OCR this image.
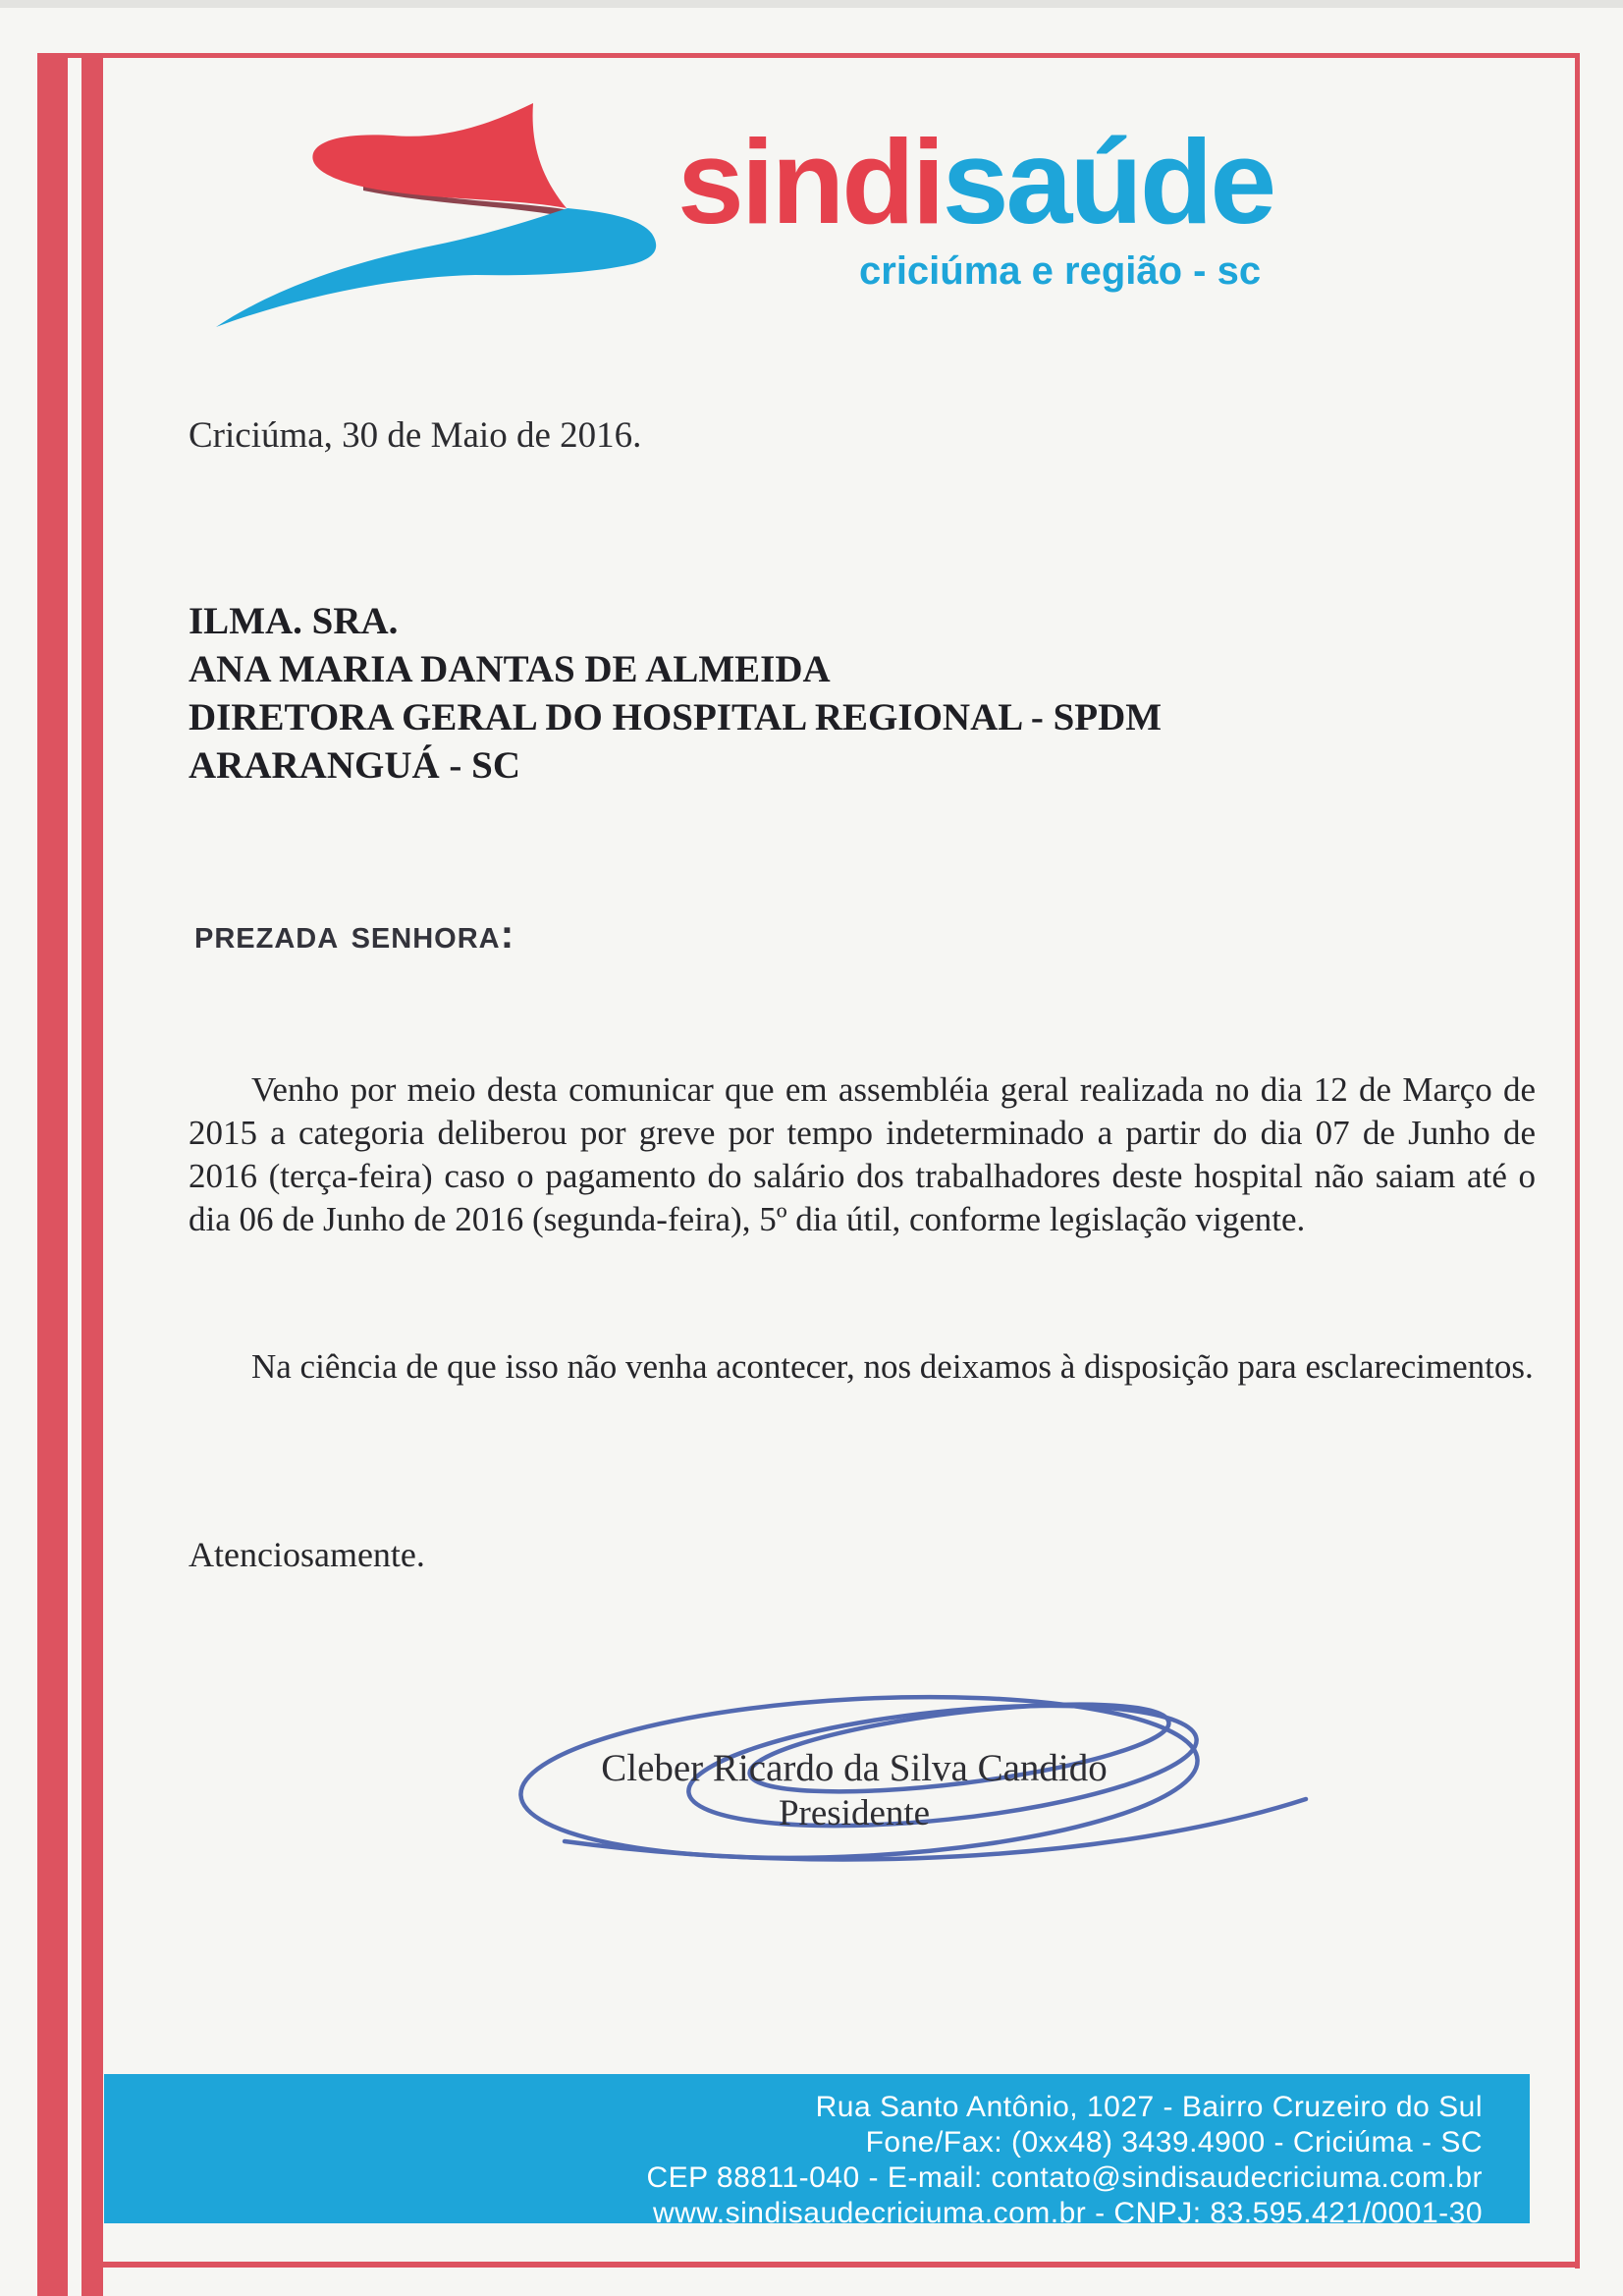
sindisaúde
criciúma e região - sc
Criciúma, 30 de Maio de 2016.
ILMA. SRA.
ANA MARIA DANTAS DE ALMEIDA
DIRETORA GERAL DO HOSPITAL REGIONAL - SPDM
ARARANGUÁ - SC
prezada senhora:
Venho por meio desta comunicar que em assembléia geral realizada no dia 12 de Março de 2015 a categoria deliberou por greve por tempo indeterminado a partir do dia 07 de Junho de 2016 (terça-feira) caso o pagamento do salário dos trabalhadores deste hospital não saiam até o dia 06 de Junho de 2016 (segunda-feira), 5º dia útil, conforme legislação vigente.
Na ciência de que isso não venha acontecer, nos deixamos à disposição para esclarecimentos.
Atenciosamente.
Cleber Ricardo da Silva Candido
Presidente
Rua Santo Antônio, 1027 - Bairro Cruzeiro do Sul
Fone/Fax: (0xx48) 3439.4900 - Criciúma - SC
CEP 88811-040 - E-mail: contato@sindisaudecriciuma.com.br
www.sindisaudecriciuma.com.br - CNPJ: 83.595.421/0001-30
